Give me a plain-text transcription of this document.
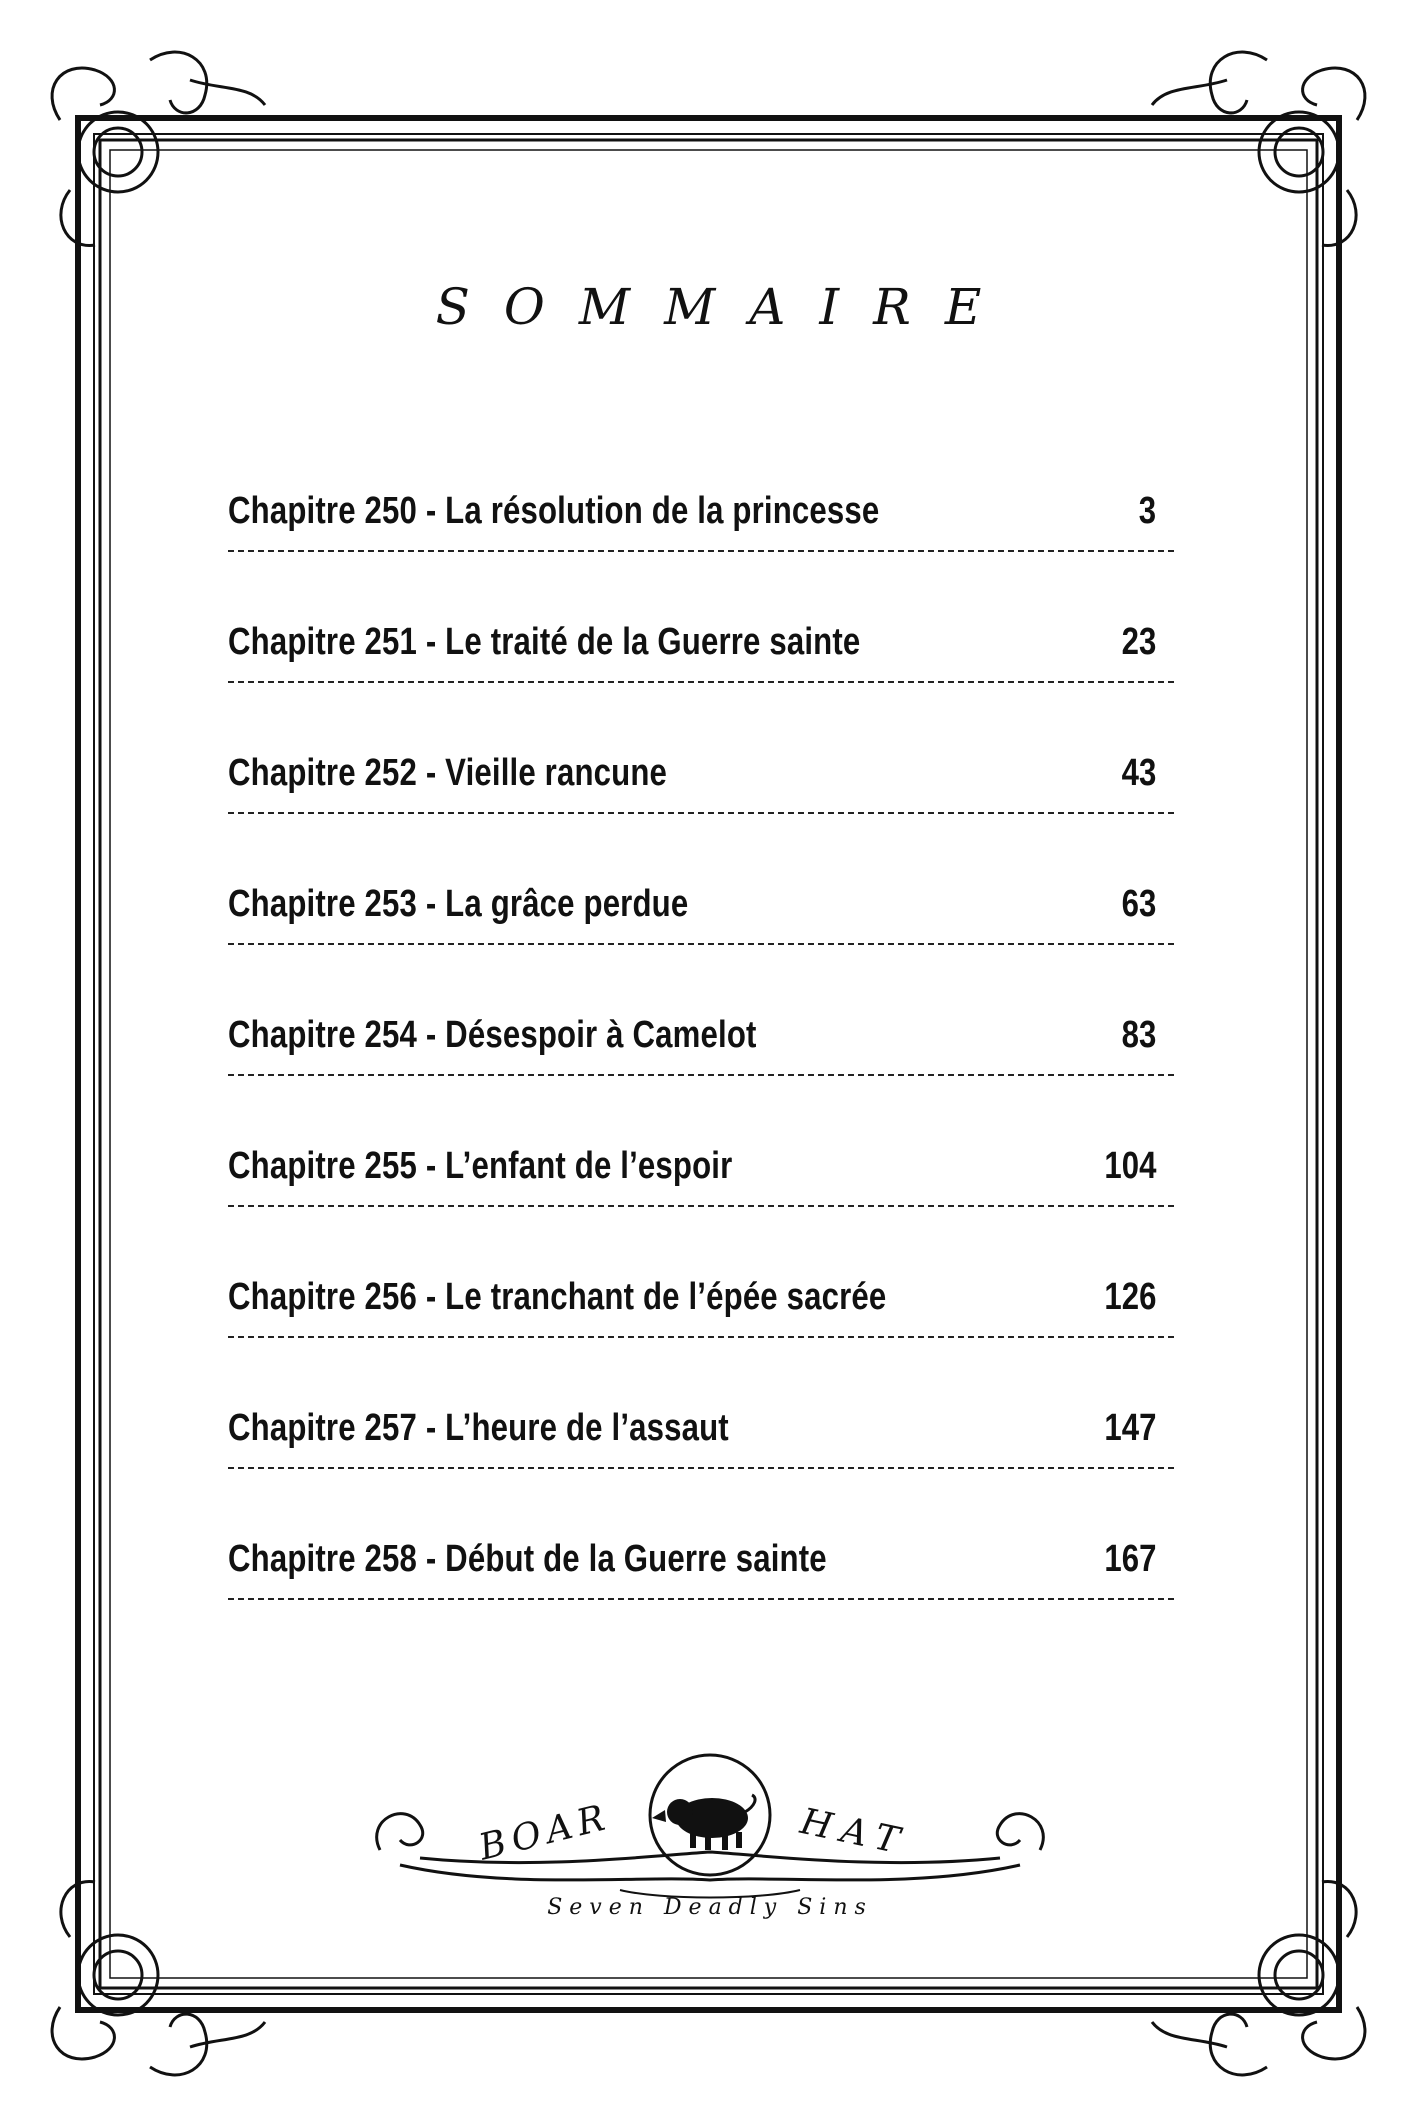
SOMMAIRE
Chapitre 250 - La résolution de la princesse	3
Chapitre 251 - Le traité de la Guerre sainte	23
Chapitre 252 - Vieille rancune	43
Chapitre 253 - La grâce perdue	63
Chapitre 254 - Désespoir à Camelot	83
Chapitre 255 - L’enfant de l’espoir	104
Chapitre 256 - Le tranchant de l’épée sacrée	126
Chapitre 257 - L’heure de l’assaut	147
Chapitre 258 - Début de la Guerre sainte	167
BOAR	HAT
Seven Deadly Sins
